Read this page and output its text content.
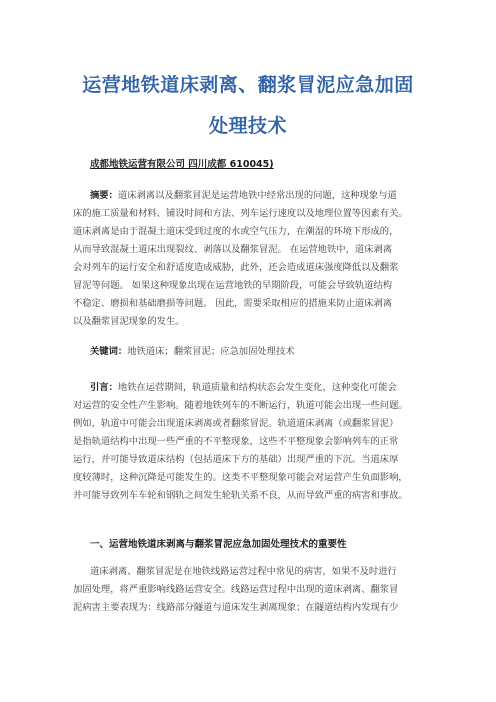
运营地铁道床剥离、翻浆冒泥应急加固
处理技术
成都地铁运营有限公司 四川成都 610045)
摘要：道床剥离以及翻浆冒泥是运营地铁中经常出现的问题，这种现象与道
床的施工质量和材料、铺设时间和方法、列车运行速度以及地理位置等因素有关。
道床剥离是由于混凝土道床受到过度的水或空气压力，在潮湿的环境下形成的，
从而导致混凝土道床出现裂纹、剥落以及翻浆冒泥。 在运营地铁中，道床剥离
会对列车的运行安全和舒适度造成威胁，此外，还会造成道床强度降低以及翻浆
冒泥等问题。 如果这种现象出现在运营地铁的早期阶段，可能会导致轨道结构
不稳定、磨损和基础磨损等问题。 因此，需要采取相应的措施来防止道床剥离
以及翻浆冒泥现象的发生。
关键词：地铁道床；翻浆冒泥；应急加固处理技术
引言：地铁在运营期间，轨道质量和结构状态会发生变化，这种变化可能会
对运营的安全性产生影响。随着地铁列车的不断运行，轨道可能会出现一些问题。
例如，轨道中可能会出现道床剥离或者翻浆冒泥。轨道道床剥离（或翻浆冒泥）
是指轨道结构中出现一些严重的不平整现象，这些不平整现象会影响列车的正常
运行，并可能导致道床结构（包括道床下方的基础）出现严重的下沉。当道床厚
度较薄时，这种沉降是可能发生的。这类不平整现象可能会对运营产生负面影响，
并可能导致列车车轮和钢轨之间发生轮轨关系不良，从而导致严重的病害和事故。
一、运营地铁道床剥离与翻浆冒泥应急加固处理技术的重要性
道床剥离、翻浆冒泥是在地铁线路运营过程中常见的病害，如果不及时进行
加固处理，将严重影响线路运营安全。线路运营过程中出现的道床剥离、翻浆冒
泥病害主要表现为：线路部分隧道与道床发生剥离现象；在隧道结构内发现有少
